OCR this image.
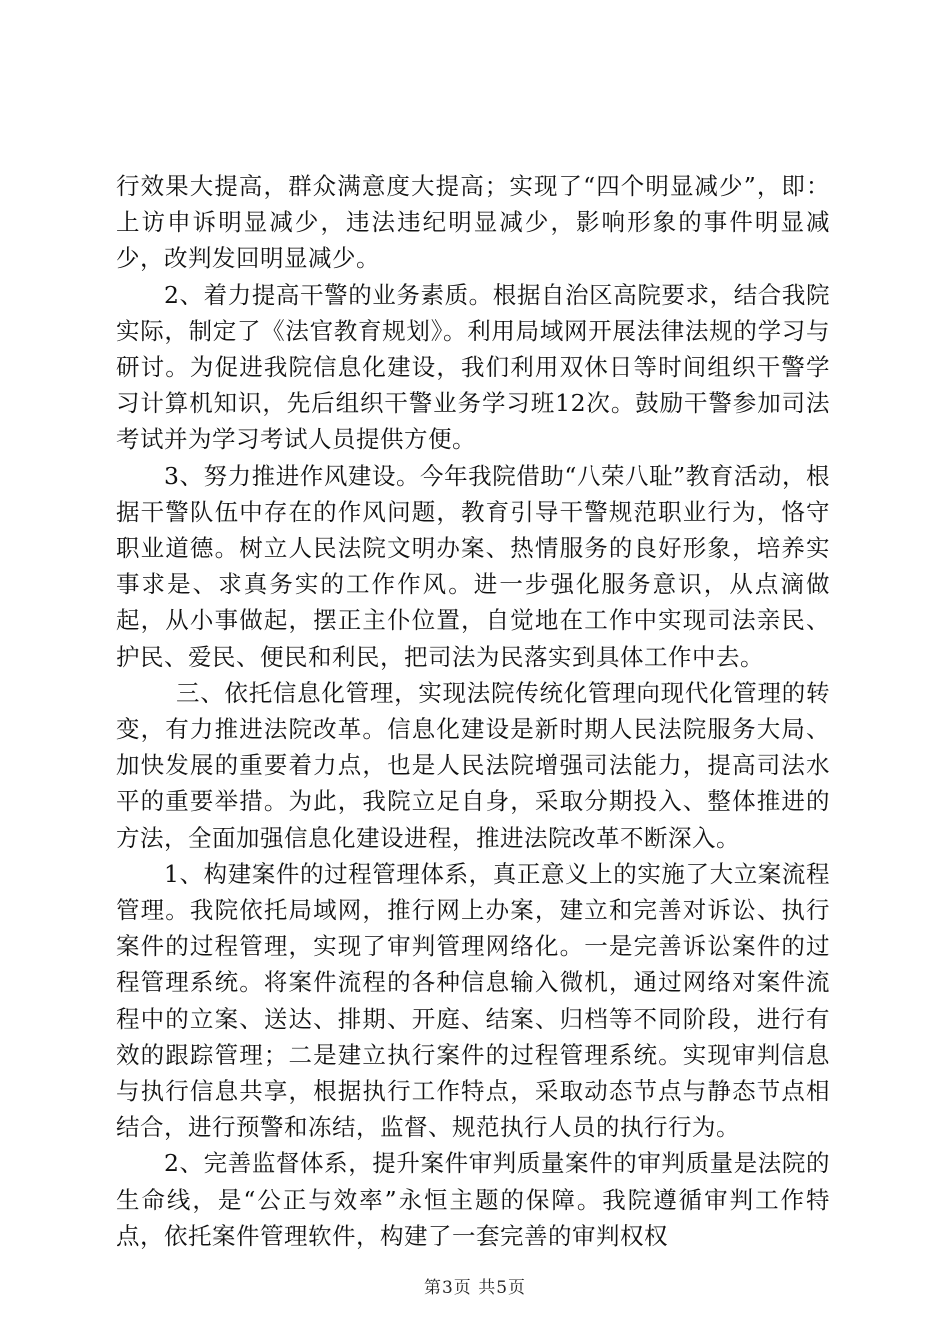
行效果大提高，群众满意度大提高；实现了“四个明显减少”，即：上访申诉明显减少，违法违纪明显减少，影响形象的事件明显减少，改判发回明显减少。

2、着力提高干警的业务素质。根据自治区高院要求，结合我院实际，制定了《法官教育规划》。利用局域网开展法律法规的学习与研讨。为促进我院信息化建设，我们利用双休日等时间组织干警学习计算机知识，先后组织干警业务学习班12次。鼓励干警参加司法考试并为学习考试人员提供方便。

3、努力推进作风建设。今年我院借助“八荣八耻”教育活动，根据干警队伍中存在的作风问题，教育引导干警规范职业行为，恪守职业道德。树立人民法院文明办案、热情服务的良好形象，培养实事求是、求真务实的工作作风。进一步强化服务意识，从点滴做起，从小事做起，摆正主仆位置，自觉地在工作中实现司法亲民、护民、爱民、便民和利民，把司法为民落实到具体工作中去。

三、依托信息化管理，实现法院传统化管理向现代化管理的转变，有力推进法院改革。信息化建设是新时期人民法院服务大局、加快发展的重要着力点，也是人民法院增强司法能力，提高司法水平的重要举措。为此，我院立足自身，采取分期投入、整体推进的方法，全面加强信息化建设进程，推进法院改革不断深入。

1、构建案件的过程管理体系，真正意义上的实施了大立案流程管理。我院依托局域网，推行网上办案，建立和完善对诉讼、执行案件的过程管理，实现了审判管理网络化。一是完善诉讼案件的过程管理系统。将案件流程的各种信息输入微机，通过网络对案件流程中的立案、送达、排期、开庭、结案、归档等不同阶段，进行有效的跟踪管理；二是建立执行案件的过程管理系统。实现审判信息与执行信息共享，根据执行工作特点，采取动态节点与静态节点相结合，进行预警和冻结，监督、规范执行人员的执行行为。

2、完善监督体系，提升案件审判质量案件的审判质量是法院的生命线，是“公正与效率”永恒主题的保障。我院遵循审判工作特点，依托案件管理软件，构建了一套完善的审判权权

第3页 共5页
